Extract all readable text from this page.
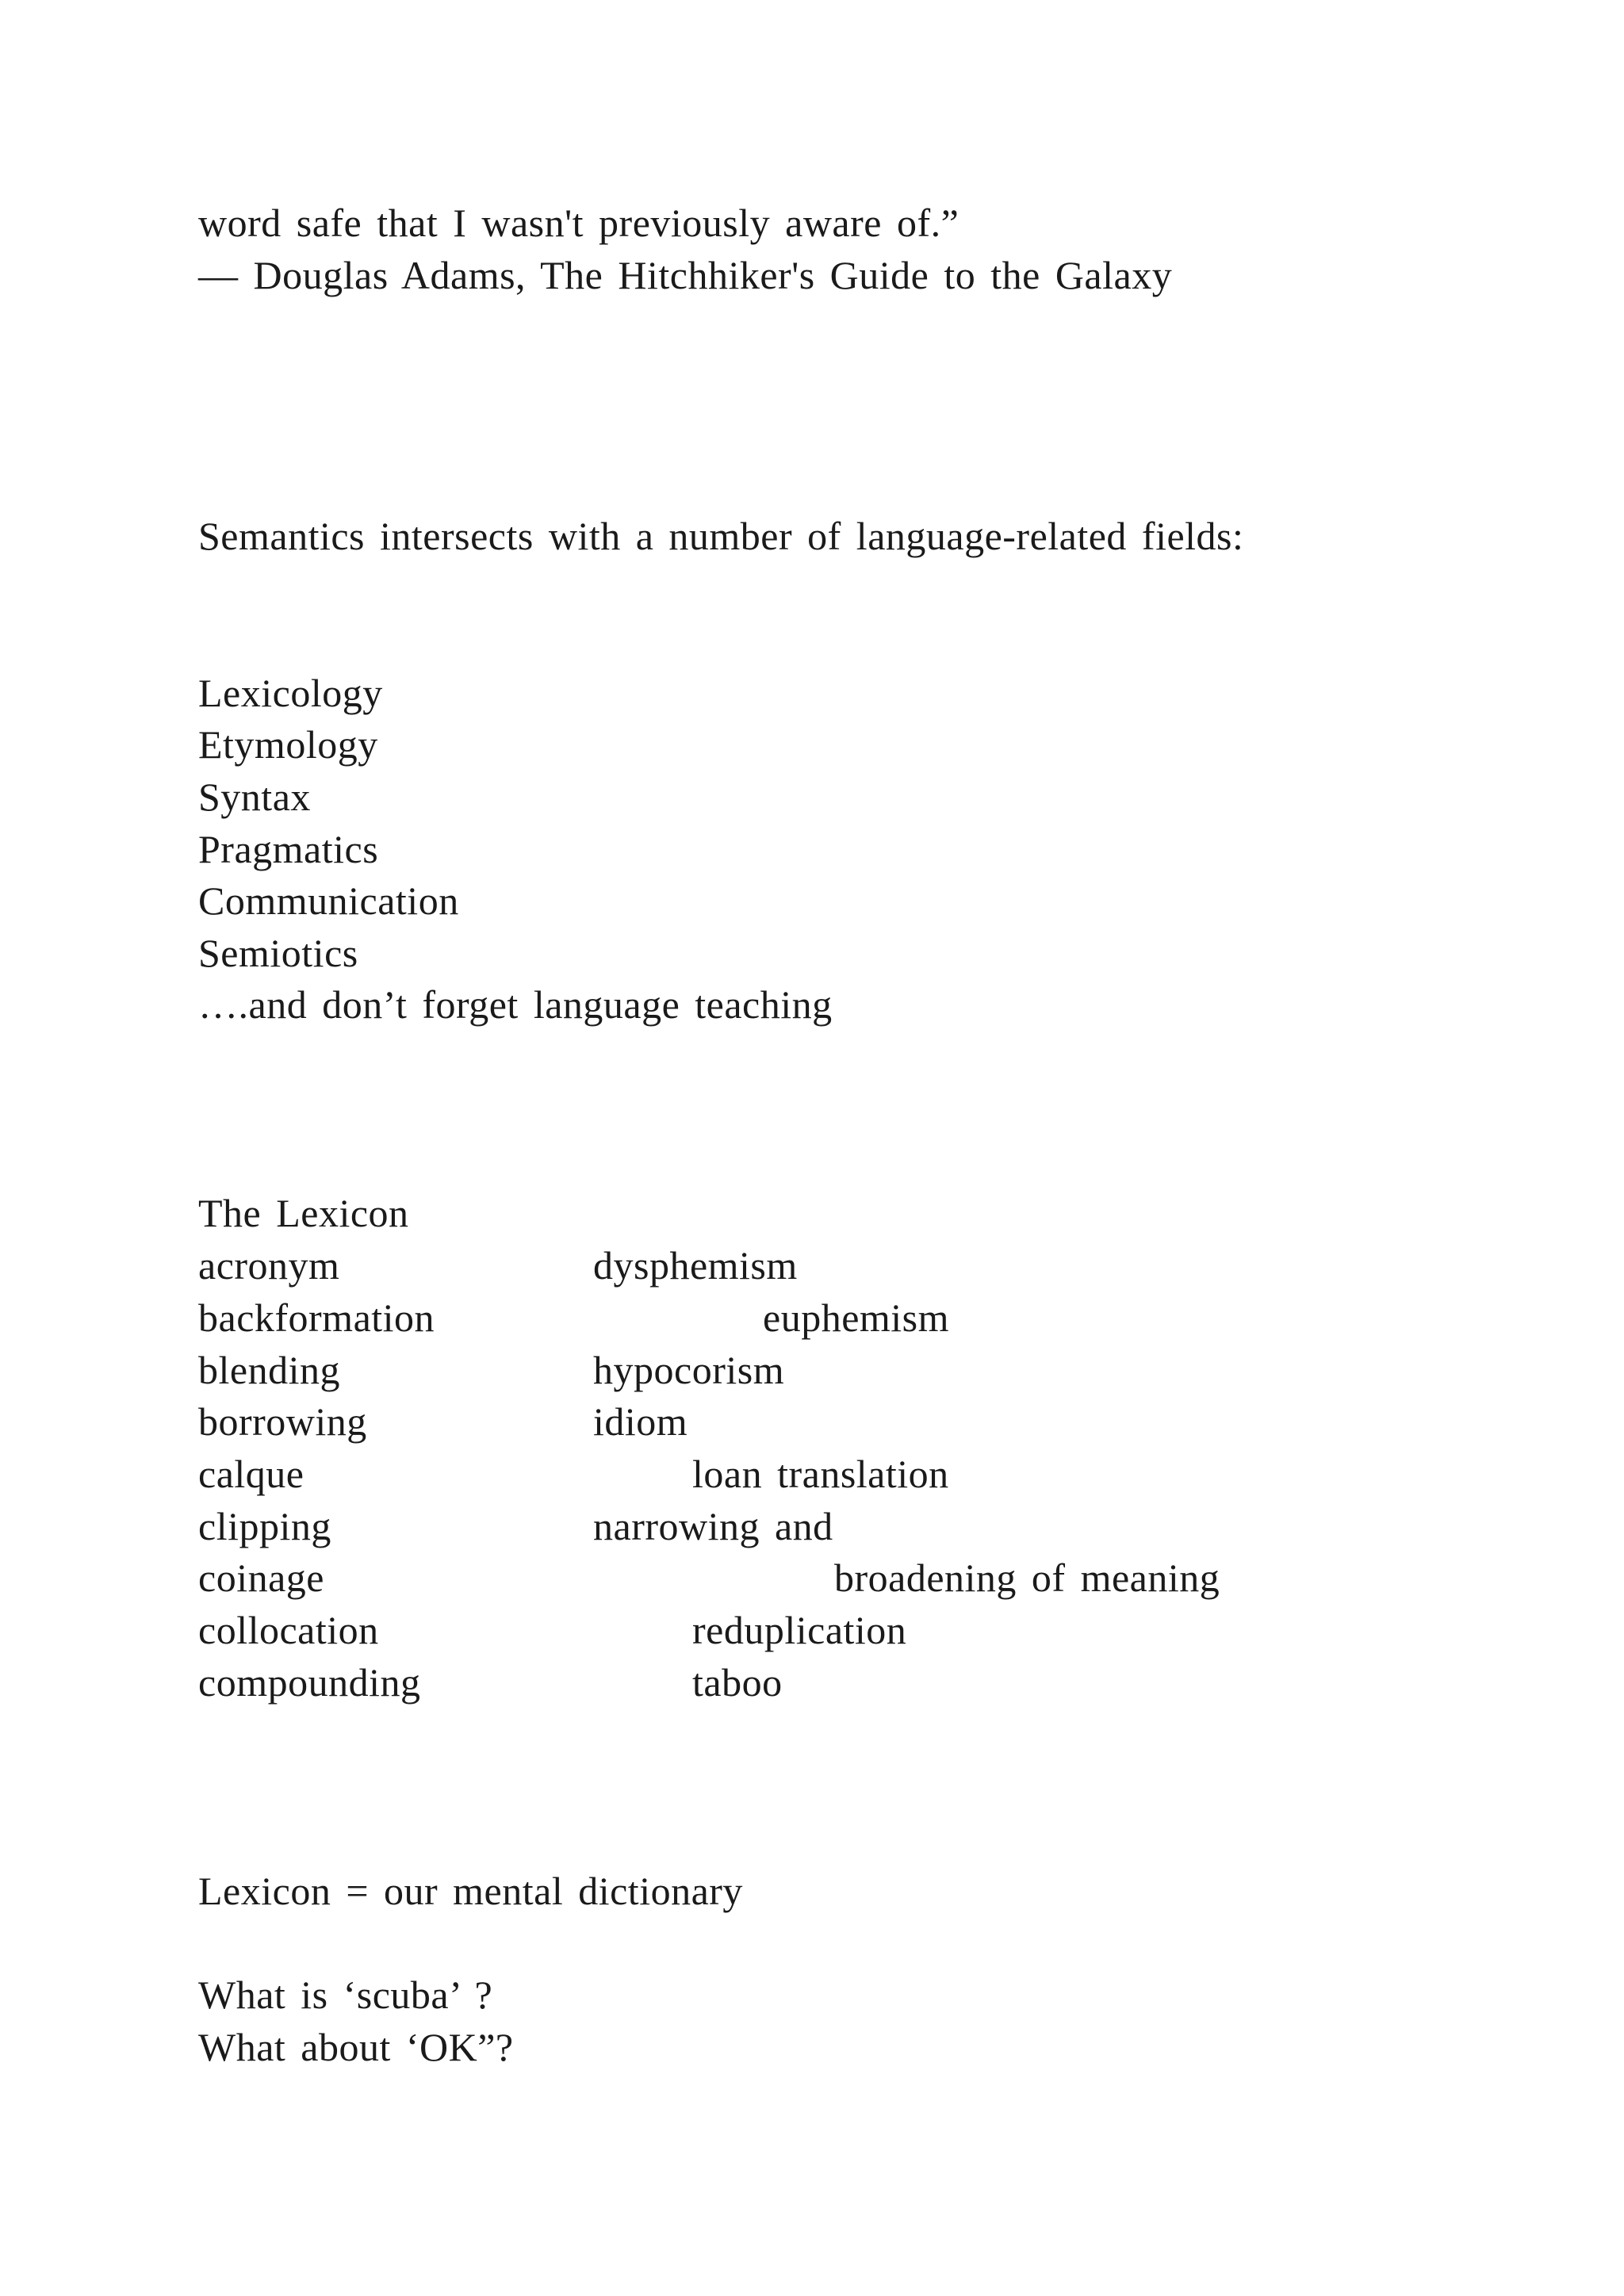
word safe that I wasn't previously aware of.”
― Douglas Adams, The Hitchhiker's Guide to the Galaxy
Semantics intersects with a number of language-related fields:
Lexicology
Etymology
Syntax
Pragmatics
Communication
Semiotics
….and don’t forget language teaching
The Lexicon
acronym
backformation
blending
borrowing
calque
clipping
coinage
collocation
compounding
dysphemism
euphemism
hypocorism
idiom
loan translation
narrowing and
broadening of meaning
reduplication
taboo
Lexicon = our mental dictionary
What is ‘scuba’ ?
What about ‘OK”?
